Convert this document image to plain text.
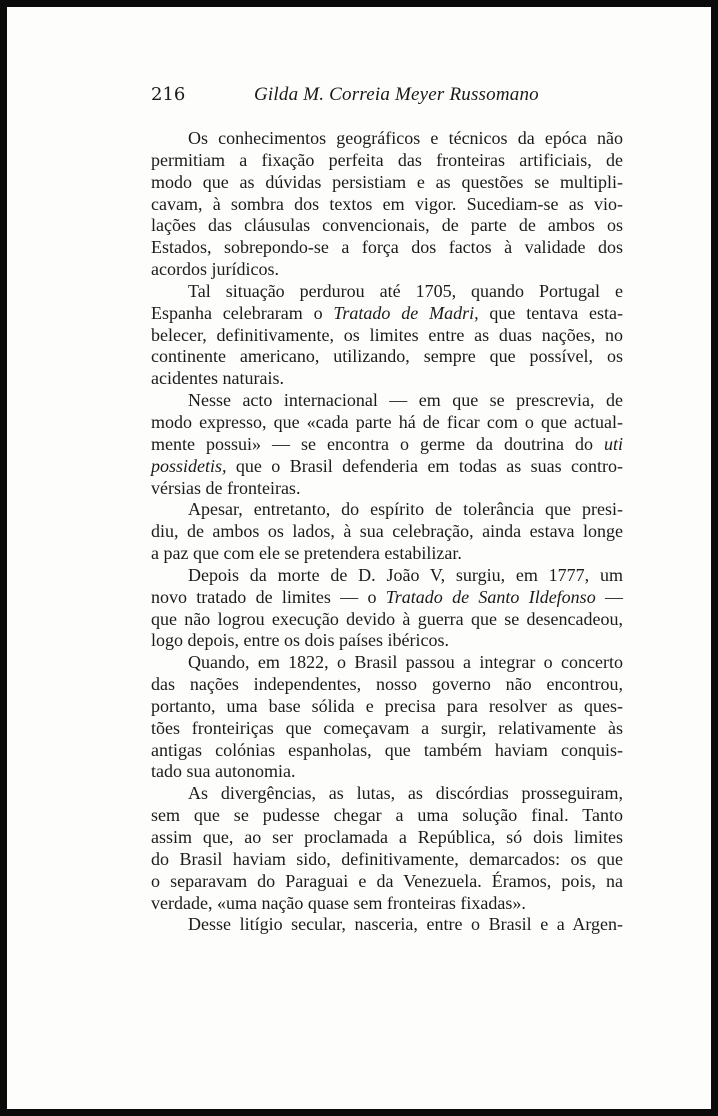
216	Gilda M. Correia Meyer Russomano
Os conhecimentos geográficos e técnicos da epóca não
permitiam a fixação perfeita das fronteiras artificiais, de
modo que as dúvidas persistiam e as questões se multipli-
cavam, à sombra dos textos em vigor. Sucediam-se as vio-
lações das cláusulas convencionais, de parte de ambos os
Estados, sobrepondo-se a força dos factos à validade dos
acordos jurídicos.
Tal situação perdurou até 1705, quando Portugal e
Espanha celebraram o Tratado de Madri, que tentava esta-
belecer, definitivamente, os limites entre as duas nações, no
continente americano, utilizando, sempre que possível, os
acidentes naturais.
Nesse acto internacional — em que se prescrevia, de
modo expresso, que «cada parte há de ficar com o que actual-
mente possui» — se encontra o germe da doutrina do uti
possidetis, que o Brasil defenderia em todas as suas contro-
vérsias de fronteiras.
Apesar, entretanto, do espírito de tolerância que presi-
diu, de ambos os lados, à sua celebração, ainda estava longe
a paz que com ele se pretendera estabilizar.
Depois da morte de D. João V, surgiu, em 1777, um
novo tratado de limites — o Tratado de Santo Ildefonso —
que não logrou execução devido à guerra que se desencadeou,
logo depois, entre os dois países ibéricos.
Quando, em 1822, o Brasil passou a integrar o concerto
das nações independentes, nosso governo não encontrou,
portanto, uma base sólida e precisa para resolver as ques-
tões fronteiriças que começavam a surgir, relativamente às
antigas colónias espanholas, que também haviam conquis-
tado sua autonomia.
As divergências, as lutas, as discórdias prosseguiram,
sem que se pudesse chegar a uma solução final. Tanto
assim que, ao ser proclamada a República, só dois limites
do Brasil haviam sido, definitivamente, demarcados: os que
o separavam do Paraguai e da Venezuela. Éramos, pois, na
verdade, «uma nação quase sem fronteiras fixadas».
Desse litígio secular, nasceria, entre o Brasil e a Argen-
